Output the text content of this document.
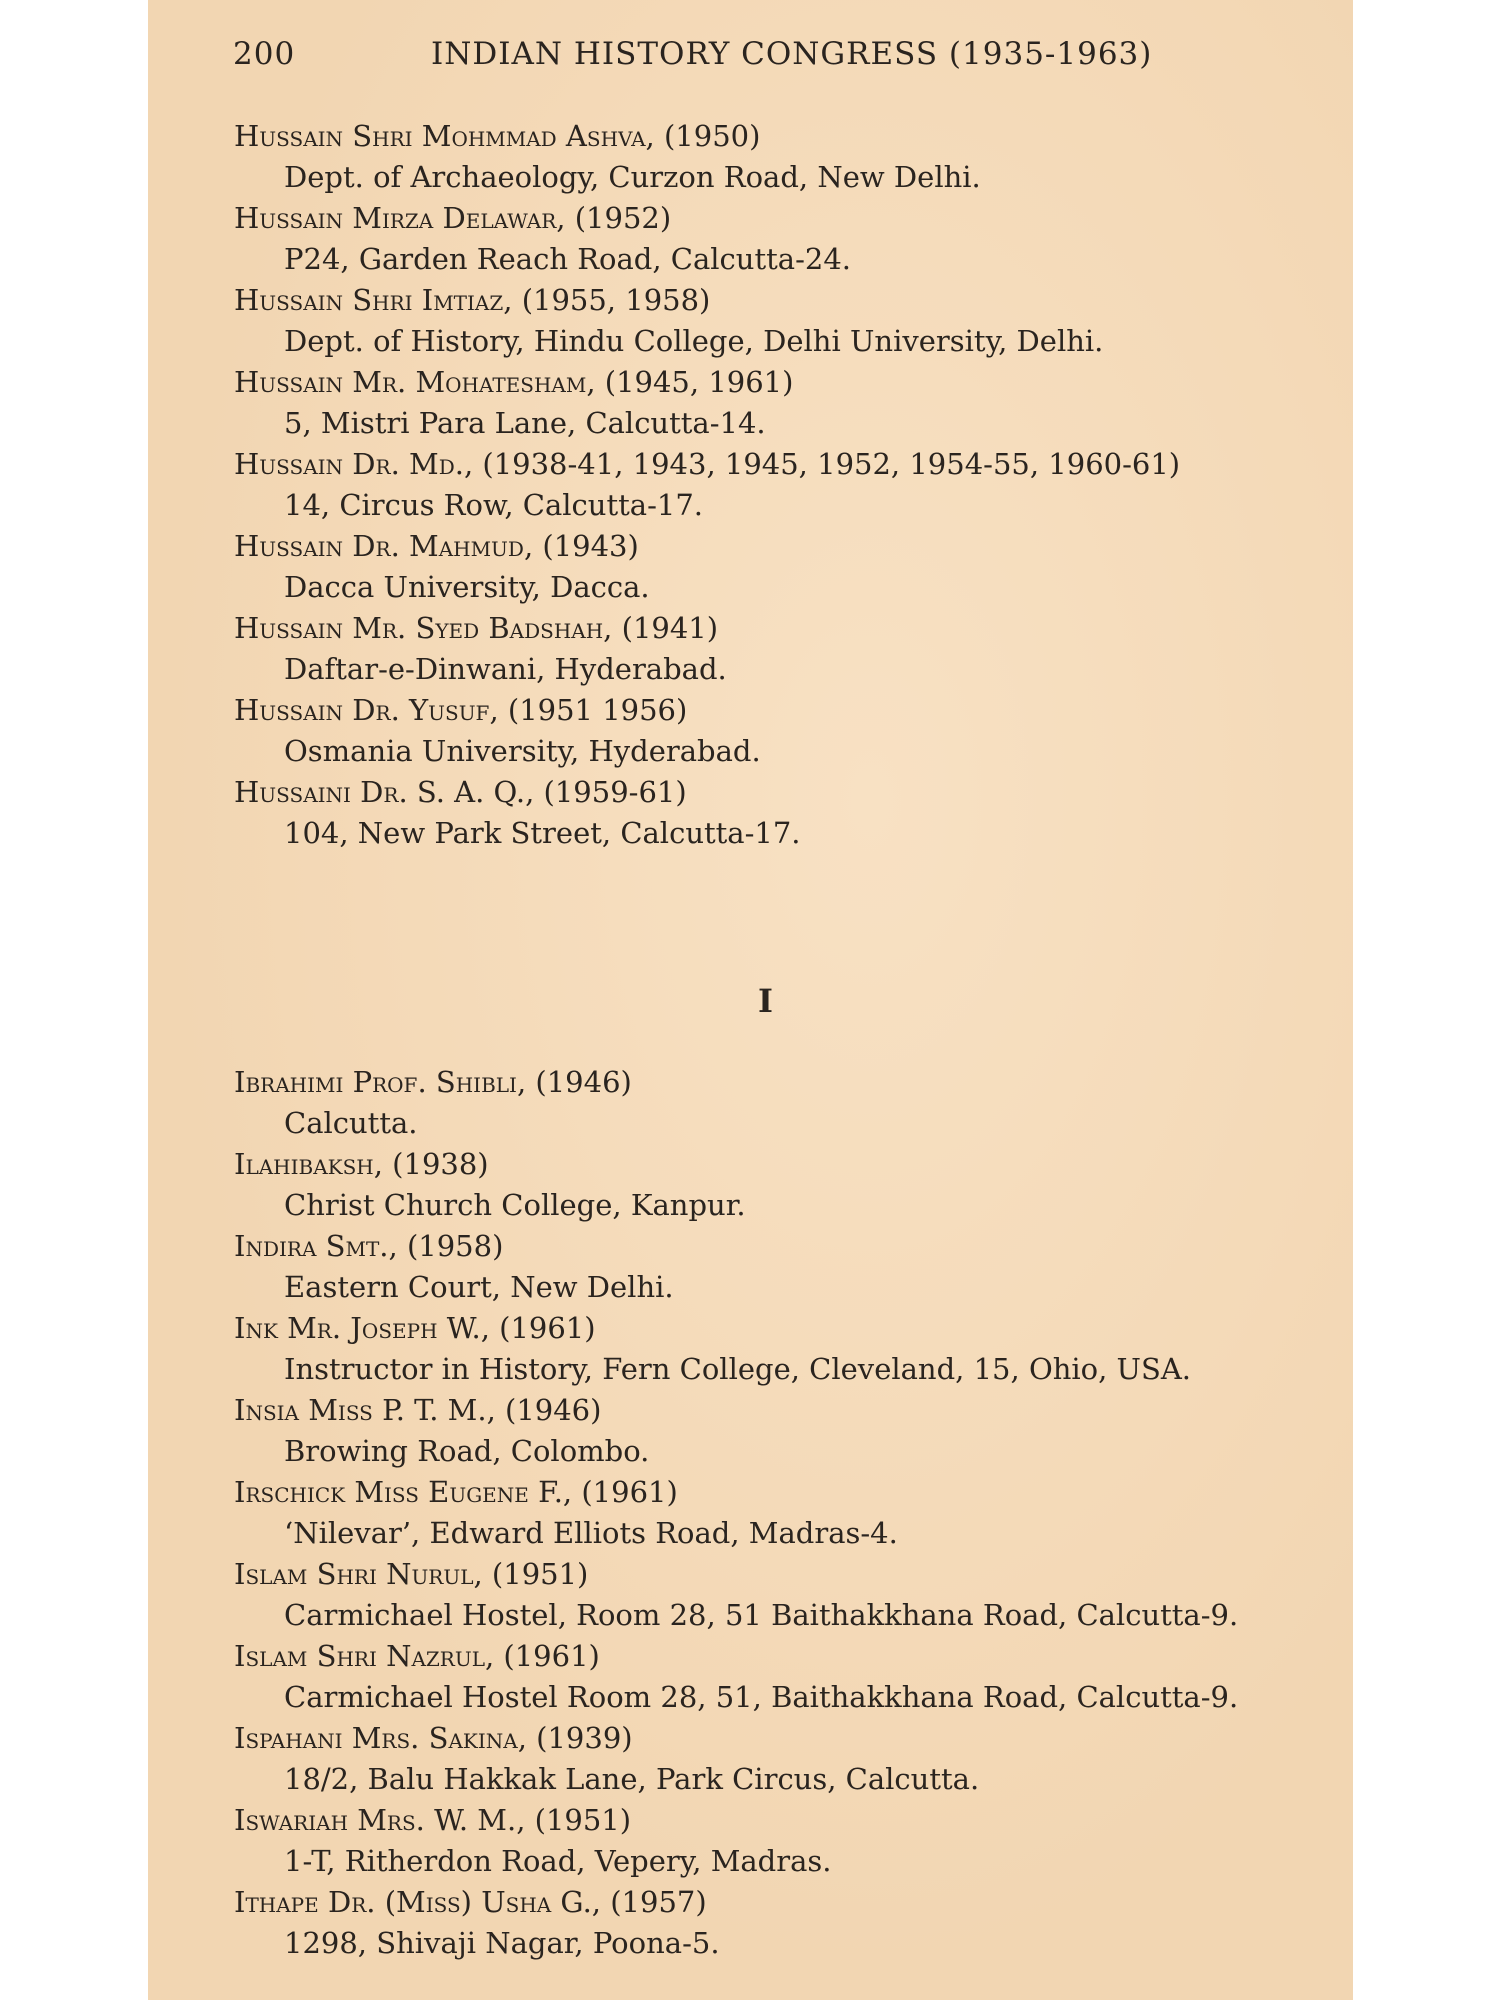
200	INDIAN HISTORY CONGRESS (1935-1963)
Hussain Shri Mohmmad Ashva, (1950)
Dept. of Archaeology, Curzon Road, New Delhi.
Hussain Mirza Delawar, (1952)
P24, Garden Reach Road, Calcutta-24.
Hussain Shri Imtiaz, (1955, 1958)
Dept. of History, Hindu College, Delhi University, Delhi.
Hussain Mr. Mohatesham, (1945, 1961)
5, Mistri Para Lane, Calcutta-14.
Hussain Dr. Md., (1938-41, 1943, 1945, 1952, 1954-55, 1960-61)
14, Circus Row, Calcutta-17.
Hussain Dr. Mahmud, (1943)
Dacca University, Dacca.
Hussain Mr. Syed Badshah, (1941)
Daftar-e-Dinwani, Hyderabad.
Hussain Dr. Yusuf, (1951 1956)
Osmania University, Hyderabad.
Hussaini Dr. S. A. Q., (1959-61)
104, New Park Street, Calcutta-17.
I
Ibrahimi Prof. Shibli, (1946)
Calcutta.
Ilahibaksh, (1938)
Christ Church College, Kanpur.
Indira Smt., (1958)
Eastern Court, New Delhi.
Ink Mr. Joseph W., (1961)
Instructor in History, Fern College, Cleveland, 15, Ohio, USA.
Insia Miss P. T. M., (1946)
Browing Road, Colombo.
Irschick Miss Eugene F., (1961)
‘Nilevar’, Edward Elliots Road, Madras-4.
Islam Shri Nurul, (1951)
Carmichael Hostel, Room 28, 51 Baithakkhana Road, Calcutta-9.
Islam Shri Nazrul, (1961)
Carmichael Hostel Room 28, 51, Baithakkhana Road, Calcutta-9.
Ispahani Mrs. Sakina, (1939)
18/2, Balu Hakkak Lane, Park Circus, Calcutta.
Iswariah Mrs. W. M., (1951)
1-T, Ritherdon Road, Vepery, Madras.
Ithape Dr. (Miss) Usha G., (1957)
1298, Shivaji Nagar, Poona-5.
